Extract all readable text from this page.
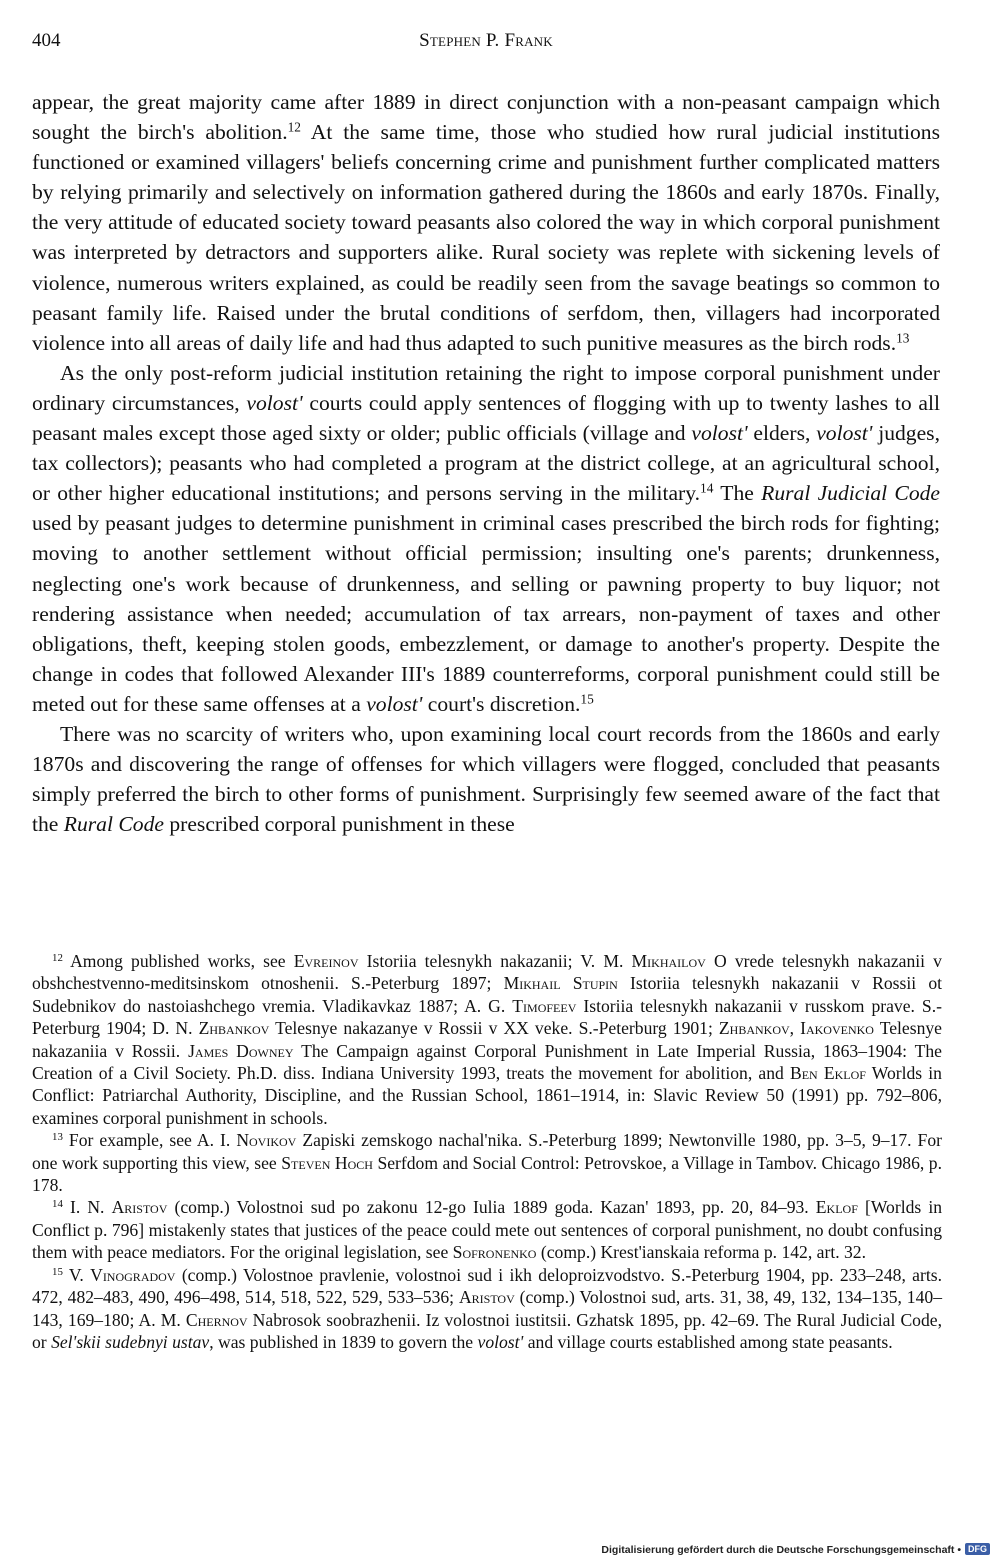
404	Stephen P. Frank

appear, the great majority came after 1889 in direct conjunction with a non-peasant campaign which sought the birch's abolition.$^{12}$ At the same time, those who studied how rural judicial institutions functioned or examined villagers' beliefs concerning crime and punishment further complicated matters by relying primarily and selectively on information gathered during the 1860s and early 1870s. Finally, the very attitude of educated society toward peasants also colored the way in which corporal punishment was interpreted by detractors and supporters alike. Rural society was replete with sickening levels of violence, numerous writers explained, as could be readily seen from the savage beatings so common to peasant family life. Raised under the brutal conditions of serfdom, then, villagers had incorporated violence into all areas of daily life and had thus adapted to such punitive measures as the birch rods.$^{13}$

As the only post-reform judicial institution retaining the right to impose corporal punishment under ordinary circumstances, volost' courts could apply sentences of flogging with up to twenty lashes to all peasant males except those aged sixty or older; public officials (village and volost' elders, volost' judges, tax collectors); peasants who had completed a program at the district college, at an agricultural school, or other higher educational institutions; and persons serving in the military.$^{14}$ The Rural Judicial Code used by peasant judges to determine punishment in criminal cases prescribed the birch rods for fighting; moving to another settlement without official permission; insulting one's parents; drunkenness, neglecting one's work because of drunkenness, and selling or pawning property to buy liquor; not rendering assistance when needed; accumulation of tax arrears, non-payment of taxes and other obligations, theft, keeping stolen goods, embezzlement, or damage to another's property. Despite the change in codes that followed Alexander III's 1889 counterreforms, corporal punishment could still be meted out for these same offenses at a volost' court's discretion.$^{15}$

There was no scarcity of writers who, upon examining local court records from the 1860s and early 1870s and discovering the range of offenses for which villagers were flogged, concluded that peasants simply preferred the birch to other forms of punishment. Surprisingly few seemed aware of the fact that the Rural Code prescribed corporal punishment in these

$^{12}$ Among published works, see Evreinov Istoriia telesnykh nakazanii; V. M. Mikhailov O vrede telesnykh nakazanii v obshchestvenno-meditsinskom otnoshenii. S.-Peterburg 1897; Mikhail Stupin Istoriia telesnykh nakazanii v Rossii ot Sudebnikov do nastoiashchego vremia. Vladikavkaz 1887; A. G. Timofeev Istoriia telesnykh nakazanii v russkom prave. S.-Peterburg 1904; D. N. Zhbankov Telesnye nakazanye v Rossii v XX veke. S.-Peterburg 1901; Zhbankov, Iakovenko Telesnye nakazaniia v Rossii. James Downey The Campaign against Corporal Punishment in Late Imperial Russia, 1863–1904: The Creation of a Civil Society. Ph.D. diss. Indiana University 1993, treats the movement for abolition, and Ben Eklof Worlds in Conflict: Patriarchal Authority, Discipline, and the Russian School, 1861–1914, in: Slavic Review 50 (1991) pp. 792–806, examines corporal punishment in schools.

$^{13}$ For example, see A. I. Novikov Zapiski zemskogo nachal'nika. S.-Peterburg 1899; Newtonville 1980, pp. 3–5, 9–17. For one work supporting this view, see Steven Hoch Serfdom and Social Control: Petrovskoe, a Village in Tambov. Chicago 1986, p. 178.

$^{14}$ I. N. Aristov (comp.) Volostnoi sud po zakonu 12-go Iulia 1889 goda. Kazan' 1893, pp. 20, 84–93. Eklof [Worlds in Conflict p. 796] mistakenly states that justices of the peace could mete out sentences of corporal punishment, no doubt confusing them with peace mediators. For the original legislation, see Sofronenko (comp.) Krest'ianskaia reforma p. 142, art. 32.

$^{15}$ V. Vinogradov (comp.) Volostnoe pravlenie, volostnoi sud i ikh deloproizvodstvo. S.-Peterburg 1904, pp. 233–248, arts. 472, 482–483, 490, 496–498, 514, 518, 522, 529, 533–536; Aristov (comp.) Volostnoi sud, arts. 31, 38, 49, 132, 134–135, 140–143, 169–180; A. M. Chernov Nabrosok soobrazhenii. Iz volostnoi iustitsii. Gzhatsk 1895, pp. 42–69. The Rural Judicial Code, or Sel'skii sudebnyi ustav, was published in 1839 to govern the volost' and village courts established among state peasants.

Digitalisierung gefördert durch die Deutsche Forschungsgemeinschaft • DFG
